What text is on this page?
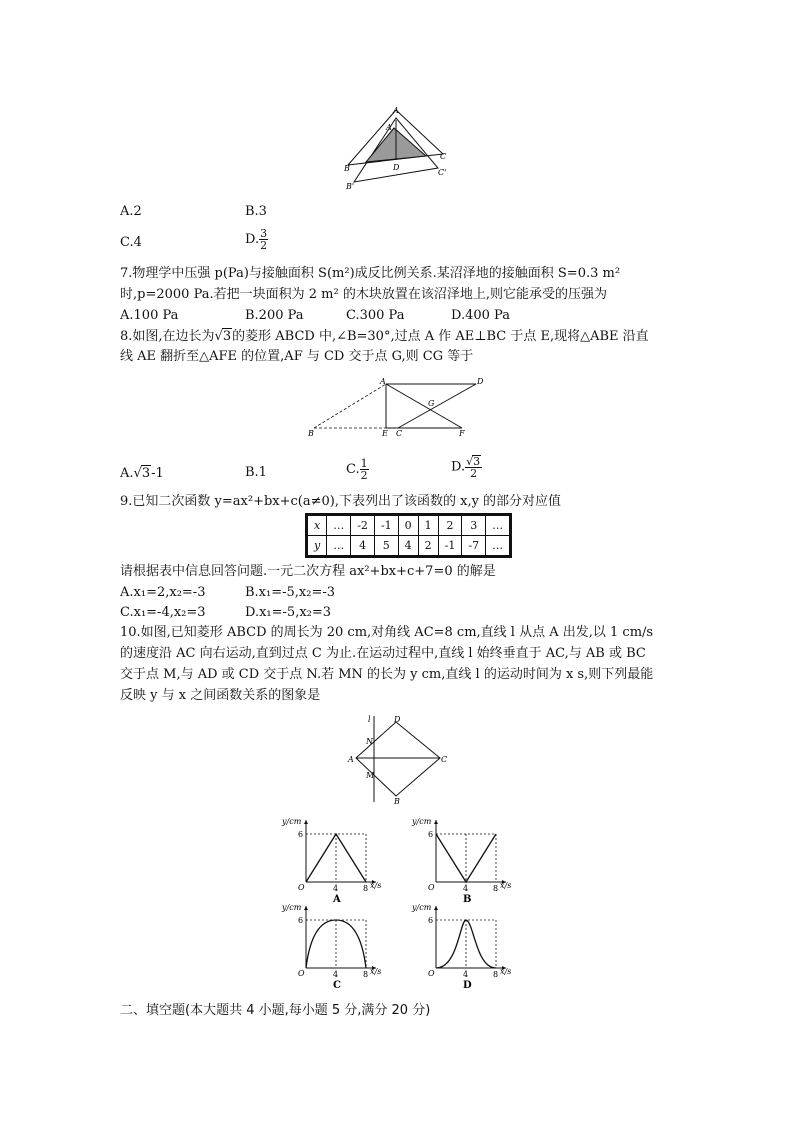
A
A
B
B'
C
C'
D
A.2	B.3
C.4	D. $\frac{3}{2}$
7.物理学中压强 p(Pa)与接触面积 S(m²)成反比例关系.某沼泽地的接触面积 S=0.3 m²
时,p=2000 Pa.若把一块面积为 2 m² 的木块放置在该沼泽地上,则它能承受的压强为
A.100 Pa	B.200 Pa	C.300 Pa	D.400 Pa
8.如图,在边长为√3的菱形 ABCD 中,∠B=30°,过点 A 作 AE⊥BC 于点 E,现将△ABE 沿直
线 AE 翻折至△AFE 的位置,AF 与 CD 交于点 G,则 CG 等于
A	D
G
B	E C	F
A.√3-1	B.1	C. $\frac{1}{2}$	D. $\frac{√3}{2}$
9.已知二次函数 y=ax²+bx+c(a≠0),下表列出了该函数的 x,y 的部分对应值
x	…	-2	-1	0	1	2	3	…
y	…	4	5	4	2	-1	-7	…
请根据表中信息回答问题.一元二次方程 ax²+bx+c+7=0 的解是
A.x₁=2,x₂=-3	B.x₁=-5,x₂=-3
C.x₁=-4,x₂=3	D.x₁=-5,x₂=3
10.如图,已知菱形 ABCD 的周长为 20 cm,对角线 AC=8 cm,直线 l 从点 A 出发,以 1 cm/s
的速度沿 AC 向右运动,直到过点 C 为止.在运动过程中,直线 l 始终垂直于 AC,与 AB 或 BC
交于点 M,与 AD 或 CD 交于点 N.若 MN 的长为 y cm,直线 l 的运动时间为 x s,则下列最能
反映 y 与 x 之间函数关系的图象是
l	D
N
A	C
M
B
y/cm
x/s
O
6
4	8
A
y/cm
x/s
O
6
4	8
B
y/cm
x/s
O
6
4	8
C
y/cm
x/s
O
6
4	8
D
二、填空题(本大题共 4 小题,每小题 5 分,满分 20 分)
